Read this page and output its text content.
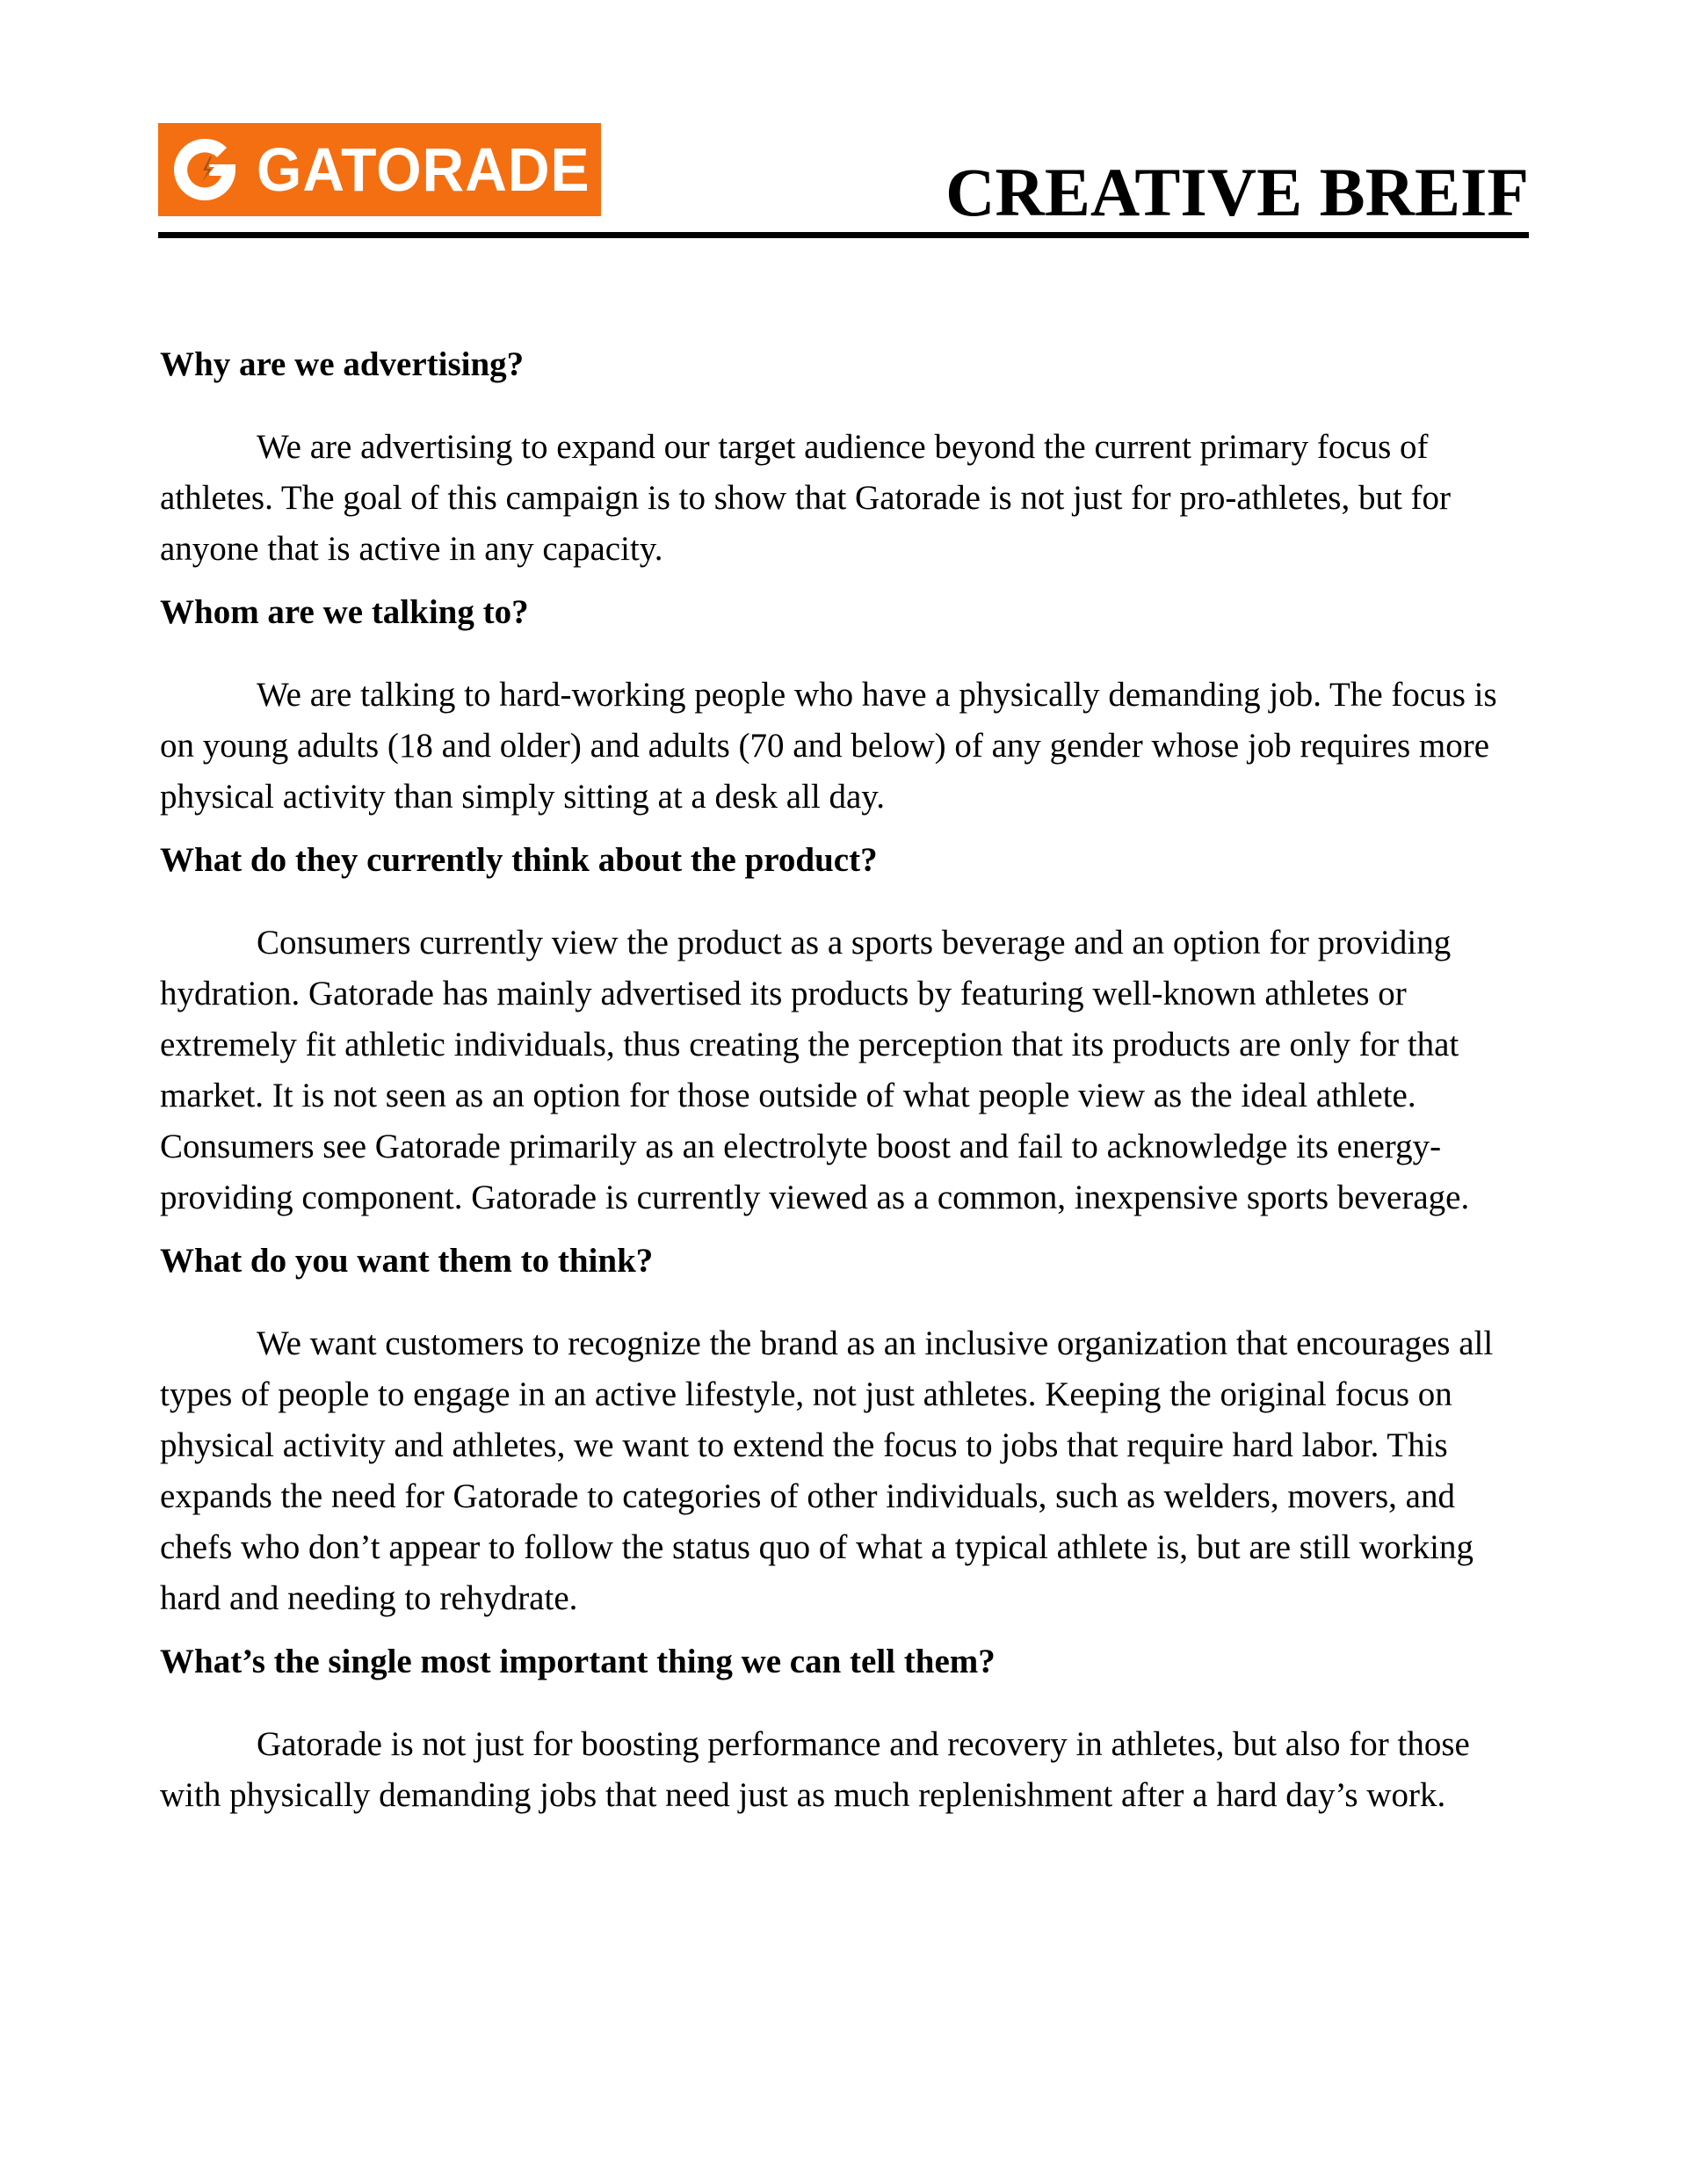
GATORADE	CREATIVE BREIF
Why are we advertising?

We are advertising to expand our target audience beyond the current primary focus of athletes. The goal of this campaign is to show that Gatorade is not just for pro-athletes, but for anyone that is active in any capacity.

Whom are we talking to?

We are talking to hard-working people who have a physically demanding job. The focus is on young adults (18 and older) and adults (70 and below) of any gender whose job requires more physical activity than simply sitting at a desk all day.

What do they currently think about the product?

Consumers currently view the product as a sports beverage and an option for providing hydration. Gatorade has mainly advertised its products by featuring well-known athletes or extremely fit athletic individuals, thus creating the perception that its products are only for that market. It is not seen as an option for those outside of what people view as the ideal athlete. Consumers see Gatorade primarily as an electrolyte boost and fail to acknowledge its energy-providing component. Gatorade is currently viewed as a common, inexpensive sports beverage.

What do you want them to think?

We want customers to recognize the brand as an inclusive organization that encourages all types of people to engage in an active lifestyle, not just athletes. Keeping the original focus on physical activity and athletes, we want to extend the focus to jobs that require hard labor. This expands the need for Gatorade to categories of other individuals, such as welders, movers, and chefs who don’t appear to follow the status quo of what a typical athlete is, but are still working hard and needing to rehydrate.

What’s the single most important thing we can tell them?

Gatorade is not just for boosting performance and recovery in athletes, but also for those with physically demanding jobs that need just as much replenishment after a hard day’s work.
